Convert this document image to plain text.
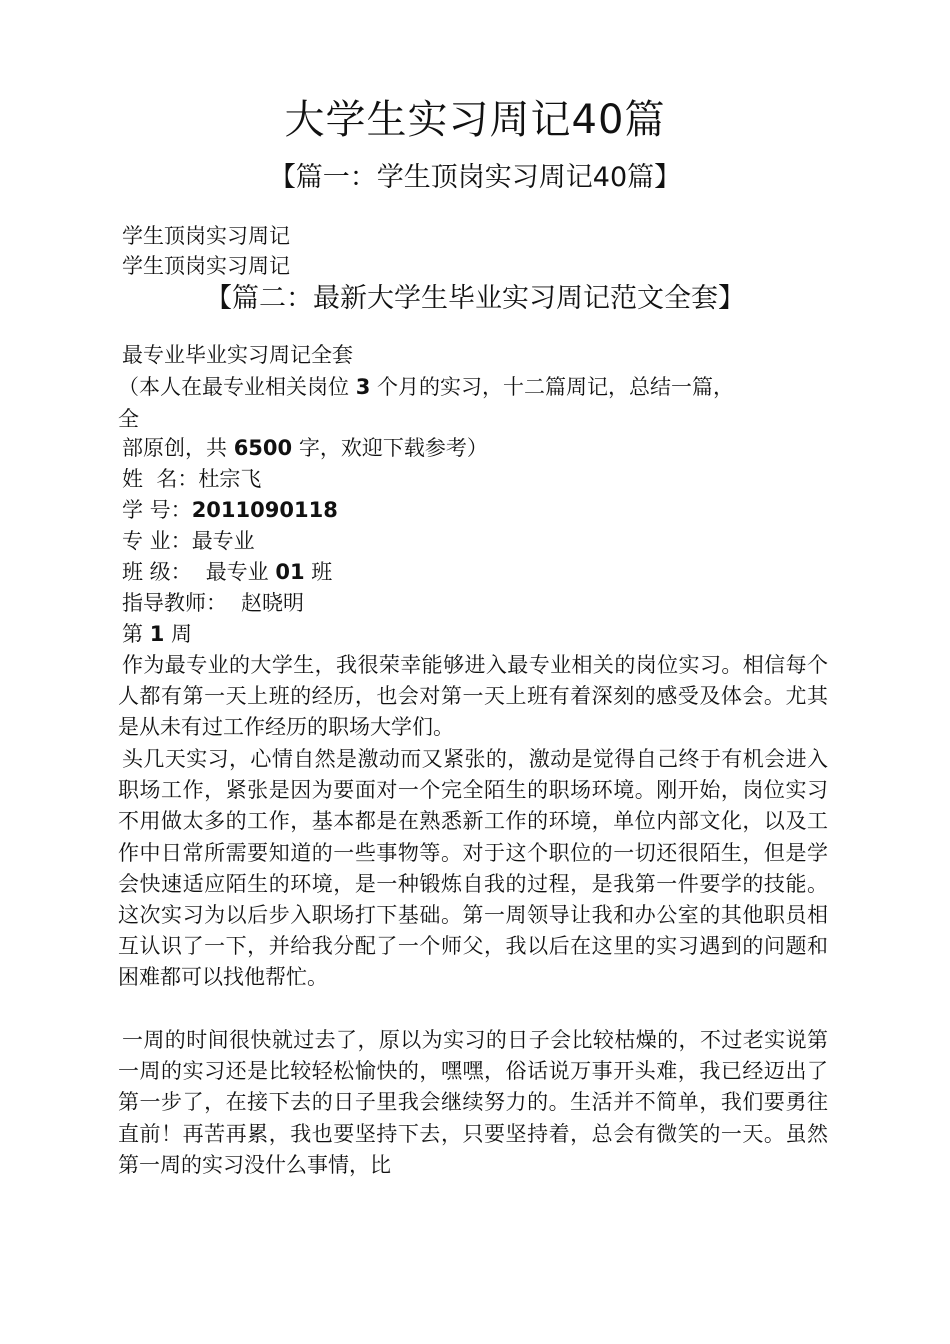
大学生实习周记40篇
【篇一：学生顶岗实习周记40篇】

学生顶岗实习周记

学生顶岗实习周记

【篇二：最新大学生毕业实习周记范文全套】

最专业毕业实习周记全套

（本人在最专业相关岗位 3 个月的实习，十二篇周记，总结一篇，

全

部原创，共 6500 字，欢迎下载参考）

姓  名：杜宗飞

学 号：2011090118

专 业：最专业

班 级： 最专业 01 班

指导教师： 赵晓明

第 1 周

作为最专业的大学生，我很荣幸能够进入最专业相关的岗位实习。相信每个人都有第一天上班的经历，也会对第一天上班有着深刻的感受及体会。尤其是从未有过工作经历的职场大学们。

头几天实习，心情自然是激动而又紧张的，激动是觉得自己终于有机会进入职场工作，紧张是因为要面对一个完全陌生的职场环境。刚开始，岗位实习不用做太多的工作，基本都是在熟悉新工作的环境，单位内部文化，以及工作中日常所需要知道的一些事物等。对于这个职位的一切还很陌生，但是学会快速适应陌生的环境，是一种锻炼自我的过程，是我第一件要学的技能。这次实习为以后步入职场打下基础。第一周领导让我和办公室的其他职员相互认识了一下，并给我分配了一个师父，我以后在这里的实习遇到的问题和困难都可以找他帮忙。

一周的时间很快就过去了，原以为实习的日子会比较枯燥的，不过老实说第一周的实习还是比较轻松愉快的，嘿嘿，俗话说万事开头难，我已经迈出了第一步了，在接下去的日子里我会继续努力的。生活并不简单，我们要勇往直前！再苦再累，我也要坚持下去，只要坚持着，总会有微笑的一天。虽然第一周的实习没什么事情，比
